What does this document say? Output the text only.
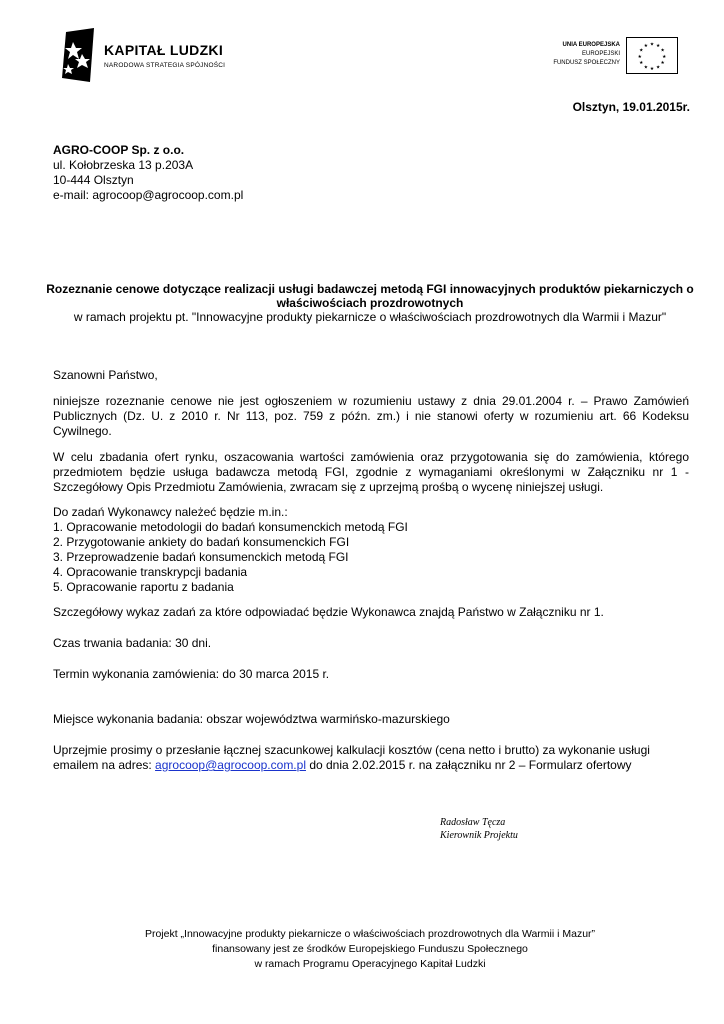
KAPITAŁ LUDZKI
NARODOWA STRATEGIA SPÓJNOŚCI
UNIA EUROPEJSKA
EUROPEJSKI
FUNDUSZ SPOŁECZNY
★ ★
★
★
★
★
★
★
★
★
★
★
Olsztyn, 19.01.2015r.
AGRO-COOP Sp. z o.o.
ul. Kołobrzeska 13 p.203A
10-444 Olsztyn
e-mail: agrocoop@agrocoop.com.pl
Rozeznanie cenowe dotyczące realizacji usługi badawczej metodą FGI innowacyjnych produktów piekarniczych o właściwościach prozdrowotnych
w ramach projektu pt. "Innowacyjne produkty piekarnicze o właściwościach prozdrowotnych dla Warmii i Mazur"
Szanowni Państwo,
niniejsze rozeznanie cenowe nie jest ogłoszeniem w rozumieniu ustawy z dnia 29.01.2004 r. – Prawo Zamówień Publicznych (Dz. U. z 2010 r. Nr 113, poz. 759 z późn. zm.) i nie stanowi oferty w rozumieniu art. 66 Kodeksu Cywilnego.
W celu zbadania ofert rynku, oszacowania wartości zamówienia oraz przygotowania się do zamówienia, którego przedmiotem będzie usługa badawcza metodą FGI, zgodnie z wymaganiami określonymi w Załączniku nr 1 - Szczegółowy Opis Przedmiotu Zamówienia, zwracam się z uprzejmą prośbą o wycenę niniejszej usługi.
Do zadań Wykonawcy należeć będzie m.in.:
1. Opracowanie metodologii do badań konsumenckich metodą FGI
2. Przygotowanie ankiety do badań konsumenckich FGI
3. Przeprowadzenie badań konsumenckich metodą FGI
4. Opracowanie transkrypcji badania
5. Opracowanie raportu z badania
Szczegółowy wykaz zadań za które odpowiadać będzie Wykonawca znajdą Państwo w Załączniku nr 1.
Czas trwania badania: 30 dni.
Termin wykonania zamówienia: do 30 marca 2015 r.
Miejsce wykonania badania: obszar województwa warmińsko-mazurskiego
Uprzejmie prosimy o przesłanie łącznej szacunkowej kalkulacji kosztów (cena netto i brutto) za wykonanie usługi emailem na adres: agrocoop@agrocoop.com.pl do dnia 2.02.2015 r. na załączniku nr 2 – Formularz ofertowy
Radosław Tęcza
Kierownik Projektu
Projekt „Innowacyjne produkty piekarnicze o właściwościach prozdrowotnych dla Warmii i Mazur”
finansowany jest ze środków Europejskiego Funduszu Społecznego
w ramach Programu Operacyjnego Kapitał Ludzki
